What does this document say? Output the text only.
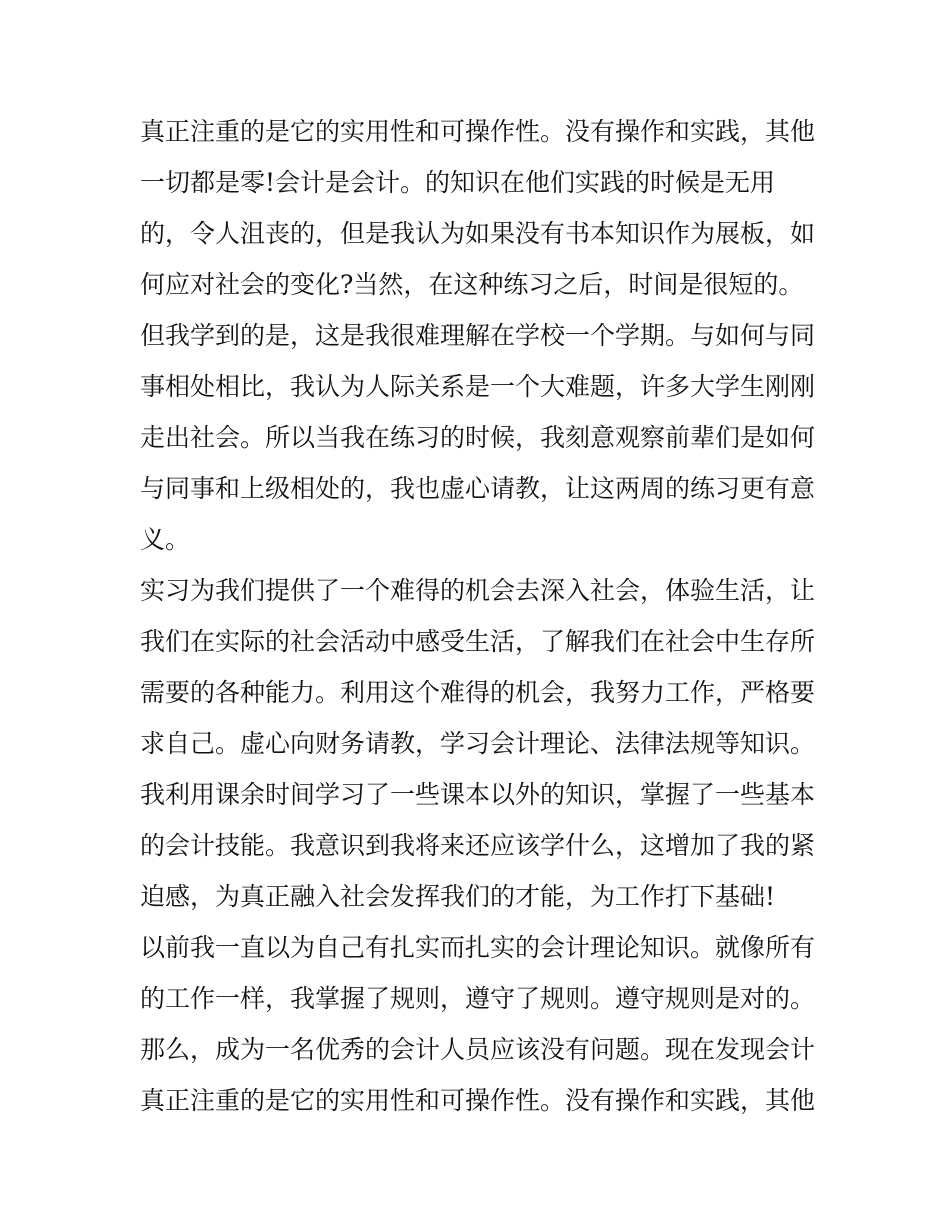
真正注重的是它的实用性和可操作性。没有操作和实践，其他
一切都是零!会计是会计。的知识在他们实践的时候是无用
的，令人沮丧的，但是我认为如果没有书本知识作为展板，如
何应对社会的变化?当然，在这种练习之后，时间是很短的。
但我学到的是，这是我很难理解在学校一个学期。与如何与同
事相处相比，我认为人际关系是一个大难题，许多大学生刚刚
走出社会。所以当我在练习的时候，我刻意观察前辈们是如何
与同事和上级相处的，我也虚心请教，让这两周的练习更有意
义。
实习为我们提供了一个难得的机会去深入社会，体验生活，让
我们在实际的社会活动中感受生活，了解我们在社会中生存所
需要的各种能力。利用这个难得的机会，我努力工作，严格要
求自己。虚心向财务请教，学习会计理论、法律法规等知识。
我利用课余时间学习了一些课本以外的知识，掌握了一些基本
的会计技能。我意识到我将来还应该学什么，这增加了我的紧
迫感，为真正融入社会发挥我们的才能，为工作打下基础!
以前我一直以为自己有扎实而扎实的会计理论知识。就像所有
的工作一样，我掌握了规则，遵守了规则。遵守规则是对的。
那么，成为一名优秀的会计人员应该没有问题。现在发现会计
真正注重的是它的实用性和可操作性。没有操作和实践，其他
